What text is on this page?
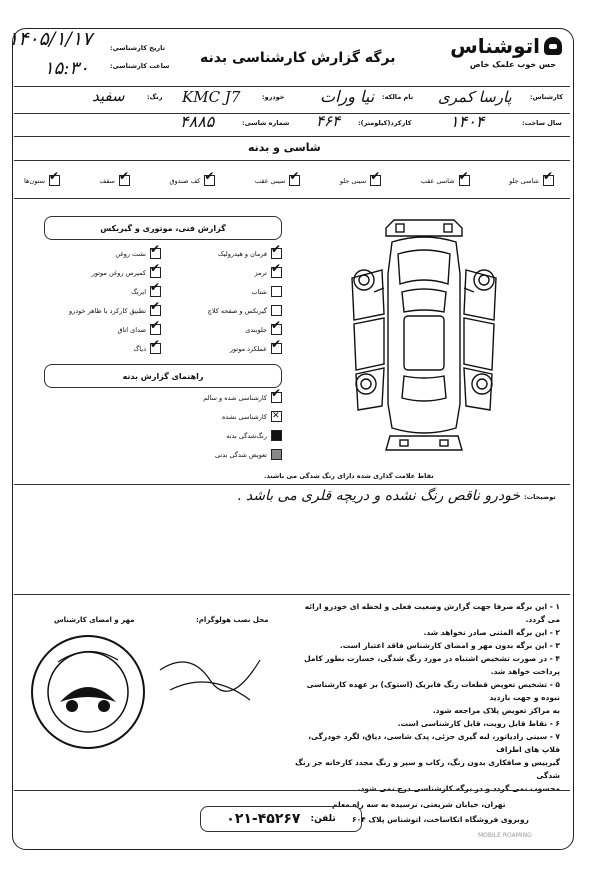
۱۴۰۵/۱/۱۷
۱۵:۳۰
تاریخ کارشناسی:
ساعت کارشناسی: برگه گزارش کارشناسی بدنه	اتوشناس
حس خوب علمک خاص
کارشناس:
پارسا کمری
نام مالکه:
نیا ورات
خودرو:
KMC J7
رنگ:
سفید
سال ساخت:
۱۴۰۴
کارکرد(کیلومتر):
۴۶۴
شماره شاسی:
۴۸۸۵
شاسی و بدنه
✔
شاسی جلو
✔
شاسی عقب
✔
سینی جلو
✔
سینی عقب
✔
کف صندوق
✔
سقف
✔
ستون‌ها
گزارش فنی، موتوری و گیربکس
✔
فرمان و هیدرولیک
✔
ترمز
شتاب
گیربکس و صفحه کلاچ
✔
جلوبندی
✔
عملکرد موتور
✔
نشت روغن
✔
کمپرس روغن موتور
✔
ایربگ
✔
تطبیق کارکرد با ظاهر خودرو
✔
صدای اتاق
✔
دیاگ
راهنمای گزارش بدنه
✔
کارشناسی شده و سالم
✕
کارشناسی نشده
رنگ‌شدگی بدنه
تعویض شدگی بدنی
نقاط علامت گذاری شده دارای رنگ شدگی می باشند.
توضیحات:
خودرو ناقص رنگ نشده و دریچه قلری می باشد .
۱ - این برگه صرفا جهت گزارش وضعیت فعلی و لحظه ای خودرو ارائه می گردد.
۲ - این برگه المثنی صادر نخواهد شد.
۳ - این برگه بدون مهر و امضای کارشناس فاقد اعتبار است.
۴ - در صورت تشخیص اشتباه در مورد رنگ شدگی، خسارت بطور کامل پرداخت خواهد شد.
۵ - تشخیص تعویض قطعات رنگ فابریک (استوک) بر عهده کارشناسی نبوده و جهت بازدید
به مراکز تعویض پلاک مراجعه شود.
۶ - نقاط قابل رویت، قابل کارشناسی است.
۷ - سینی رادیاتور، لبه گیری جزئی، پدک شاسی، دیاق، لگرد خودرگی، فلاپ های اطراف
گیربیس و صافکاری بدون رنگ، رکاب و سپر و رنگ مجدد کارخانه جز رنگ شدگی
محسوب نمی گردد و در برگه کارشناسی درج نمی شود.
محل نصب هولوگرام:
مهر و امضای کارشناس
تهران، خیابان شریعتی، نرسیده به سه راه معلم
روبروی فروشگاه اتکاساخت‌، اتوشناس پلاک ۶۰۴
تلفن:
۰۲۱-۴۵۲۶۷
MOBILE ROAMING
